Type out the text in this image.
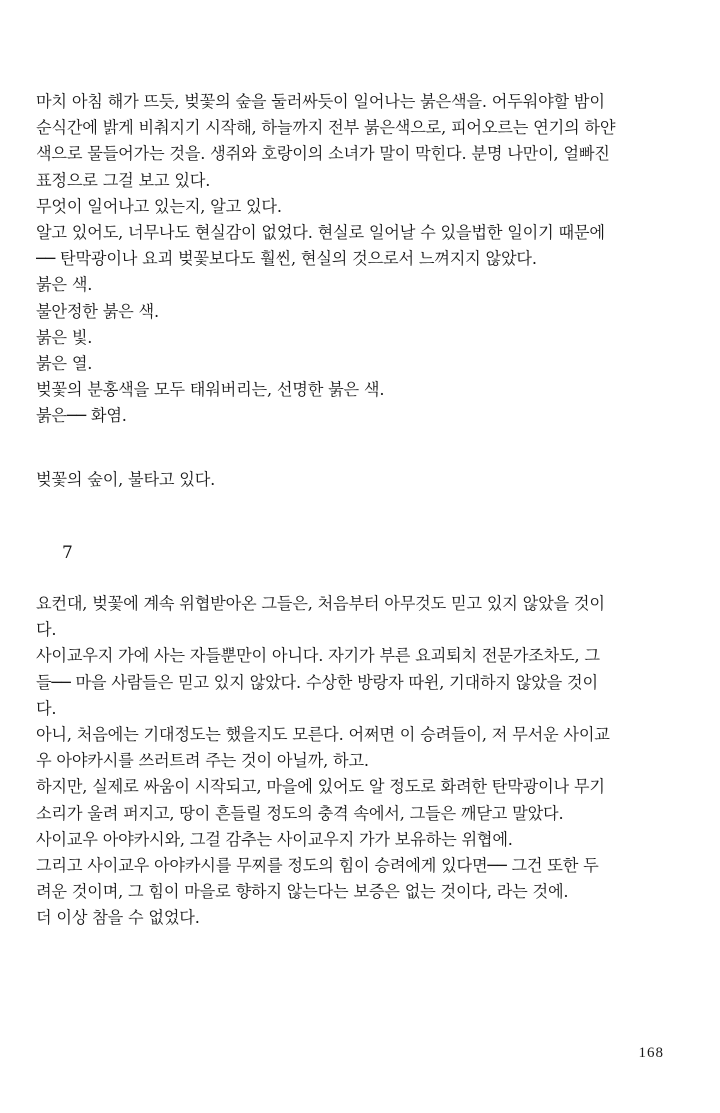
마치 아침 해가 뜨듯, 벚꽃의 숲을 둘러싸듯이 일어나는 붉은색을. 어두워야할 밤이
순식간에 밝게 비춰지기 시작해, 하늘까지 전부 붉은색으로, 피어오르는 연기의 하얀
색으로 물들어가는 것을. 생쥐와 호랑이의 소녀가 말이 막힌다. 분명 나만이, 얼빠진
표정으로 그걸 보고 있다.
무엇이 일어나고 있는지, 알고 있다.
알고 있어도, 너무나도 현실감이 없었다. 현실로 일어날 수 있을법한 일이기 때문에
── 탄막광이나 요괴 벚꽃보다도 훨씬, 현실의 것으로서 느껴지지 않았다.
붉은 색.
불안정한 붉은 색.
붉은 빛.
붉은 열.
벚꽃의 분홍색을 모두 태워버리는, 선명한 붉은 색.
붉은── 화염.
벚꽃의 숲이, 불타고 있다.
7
요컨대, 벚꽃에 계속 위협받아온 그들은, 처음부터 아무것도 믿고 있지 않았을 것이
다.
사이교우지 가에 사는 자들뿐만이 아니다. 자기가 부른 요괴퇴치 전문가조차도, 그
들── 마을 사람들은 믿고 있지 않았다. 수상한 방랑자 따윈, 기대하지 않았을 것이
다.
아니, 처음에는 기대정도는 했을지도 모른다. 어쩌면 이 승려들이, 저 무서운 사이교
우 아야카시를 쓰러트려 주는 것이 아닐까, 하고.
하지만, 실제로 싸움이 시작되고, 마을에 있어도 알 정도로 화려한 탄막광이나 무기
소리가 울려 퍼지고, 땅이 흔들릴 정도의 충격 속에서, 그들은 깨닫고 말았다.
사이교우 아야카시와, 그걸 감추는 사이교우지 가가 보유하는 위협에.
그리고 사이교우 아야카시를 무찌를 정도의 힘이 승려에게 있다면── 그건 또한 두
려운 것이며, 그 힘이 마을로 향하지 않는다는 보증은 없는 것이다, 라는 것에.
더 이상 참을 수 없었다.
168
